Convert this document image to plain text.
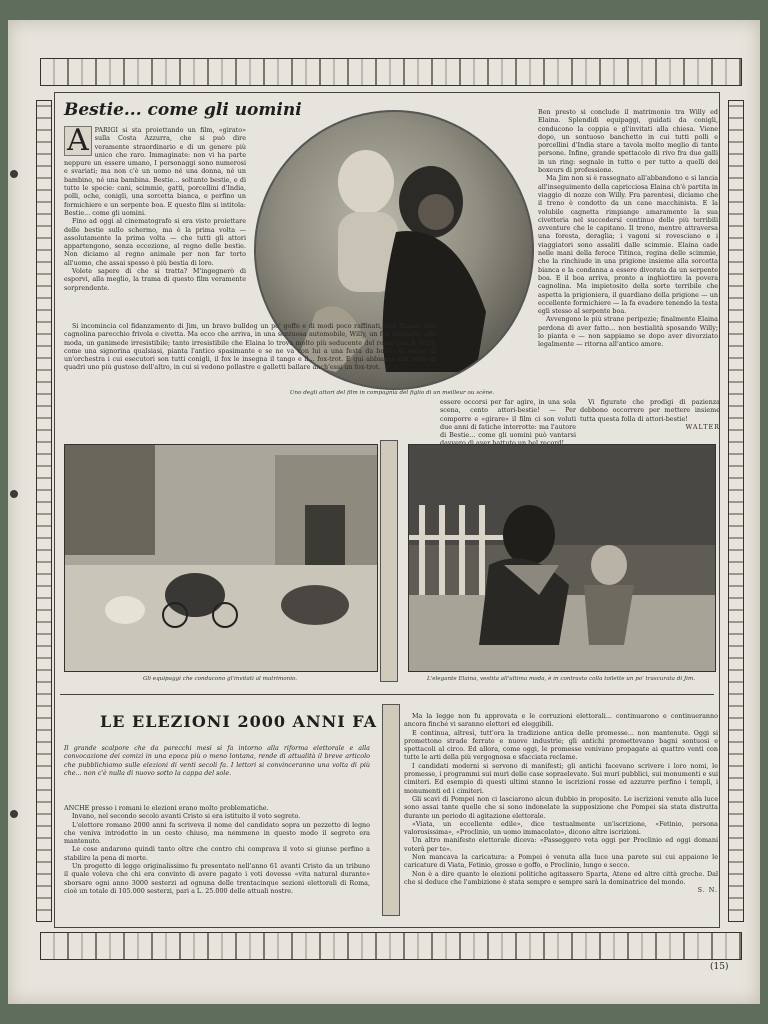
Bestie... come gli uomini
A PARIGI si sta proiettando un film, «girato» sulla Costa Azzurra, che si può dire veramente straordinario e di un genere più unico che raro. Immaginate: non vi ha parte neppure un essere umano, I personaggi sono numerosi e svariati; ma non c'è un uomo né una donna, né un bambino, né una bambina. Bestie... soltanto bestie, e di tutte le specie: cani, scimmie, gatti, porcellini d'India, polli, oche, conigli, una sorcetta bianca, e perfino un formichiere e un serpente boa. E questo film si intitola: Bestie... come gli uomini.

Fino ad oggi al cinematografo si era visto proiettare delle bestie sullo schermo, ma è la prima volta — assolutamente la prima volta — che tutti gli attori appartengono, senza eccezione, al regno delle bestie. Non diciamo al regno animale per non far torto all'uomo, che assai spesso è più bestia di loro.

Volete sapere di che si tratta? M'ingegnerò di esporvi, alla meglio, la trama di questo film veramente sorprendente.

Uno degli attori del film in compagnia del figlio di un meilleur ou scène.

Ben presto si conclude il matrimonio tra Willy ed Elaina. Splendidi equipaggi, guidati da conigli, conducono la coppia e gl'invitati alla chiesa. Viene dopo, un sontuoso banchetto in cui tutti polli e porcellini d'India stare a tavola molto meglio di tante persone. Infine, grande spettacolo di rivo fra due galli in un ring: segnale in tutto e per tutto a quelli dei boxeurs di professione.

Ma Jim non si è rassegnato all'abbandono e si lancia all'inseguimento della capricciosa Elaina ch'è partita in viaggio di nozze con Willy. Fra parentesi, diciamo che il treno è condotto da un cane macchinista. E la volubile cagnetta rimpiange amaramente la sua civetteria nel succedersi continuo delle più terribili avventure che le capitano. Il treno, mentre attraversa una foresta, deraglia; i vagoni si rovesciano e i viaggiatori sono assaliti dalle scimmie. Elaina cade nelle mani della feroce Titinca, regina delle scimmie, che la rinchiude in una prigione insieme alla sorcetta bianca e la condanna a essere divorata da un serpente boa. E il boa arriva, pronto a inghiottire la povera cagnolina. Ma impietosito della sorte terribile che aspetta la prigioniera, il guardiano della prigione — un eccellente formichiere — la fa evadere tenendo la testa egli stesso al serpente boa.

Avvengono le più strane peripezie; finalmente Elaina perdona di aver fatto... non bestialità sposando Willy; lo pianta e — non sappiamo se dopo aver divorziato legalmente — ritorna all'antico amore.

Si incomincia col fidanzamento di Jim, un bravo bulldog un po' goffo e di modi poco raffinati, con Elaina, una cagnolina parecchio frivola e civetta. Ma ecco che arriva, in una sontuosa automobile, Willy, un fox elegante, alla moda, un ganimede irresistibile; tanto irresistibile che Elaina lo trova molto più seducente del rozzo Jim. E Willy, come una signorina qualsiasi, pianta l'antico spasimante e se ne va con lui a una festa da ballo. Al suono di un'orchestra i cui esecutori son tutti conigli, il fox le insegna il tango e il... fox-trot. E qui abbiamo una serie di quadri uno più gustoso dell'altro, in cui si vedono pollastre e galletti ballare anch'essi un fox-trot.

essere occorsi per far agire, in una sola scena, cento attori-bestie! — Per comporre e «girare» il film ci son voluti due anni di fatiche interrotte: ma l'autore di Bestie... come gli uomini può vantarsi

Vi figurate che prodigi di pazienza debbono occorrere per mettere insieme tutta questa folla di attori-bestie!

WALTER

Gli equipaggi che conducono gl'invitati al matrimonio.	L'elegante Elaina, vestita all'ultima moda, è in contrasto colla toilette un po' trascurata di Jim.

LE ELEZIONI 2000 ANNI FA

Il grande scalpore che da parecchi mesi si fa intorno alla riforma elettorale e alla convocazione dei comizi in una epoca più o meno lontana, rende di attualità il breve articolo che pubblichiamo sulle elezioni di venti secoli fa. I lettori si convinceranno una volta di più che... non c'è nulla di nuovo sotto la cappa del sole.

ANCHE presso i romani le elezioni erano molto problematiche.

Invano, nel secondo secolo avanti Cristo si era istituito il voto segreto.

L'elettore romano 2000 anni fa scriveva il nome del candidato sopra un pezzetto di legno che veniva introdotto in un cesto chiuso, ma nemmeno in questo modo il segreto era mantenuto.

Le cose andarono quindi tanto oltre che contro chi comprava il voto si giunse perfino a stabilire la pena di morte.

Un progetto di legge originalissimo fu presentato nell'anno 61 avanti Cristo da un tribuno il quale voleva che chi era convinto di avere pagato i voti dovesse «vita natural durante» sborsare ogni anno 3000 sesterzi ad ognuna delle trentacinque sezioni elettorali di Roma, cioè un totale di 105.000 sesterzi, pari a L. 25.000 delle attuali nostre.

Ma la legge non fu approvata e le corruzioni elettorali... continuarono e continueranno ancora finché vi saranno elettori ed eleggibili.

E continua, altresì, tutt'ora la tradizione antica delle promesse... non mantenute. Oggi si promettono strade ferrate e nuove industrie; gli antichi promettevano bagni sontuosi e spettacoli al circo. Ed allora, come oggi, le promesse venivano propagate ai quattro venti con tutte le arti della più vergognosa e sfacciata reclame.

I candidati moderni si servono di manifesti; gli antichi facevano scrivere i loro nomi, le promesse, i programmi sui muri delle case sopraelevate. Sui muri pubblici, sui monumenti e sui cimiteri. Ed esempio di questi ultimi stanno le iscrizioni rosse ed azzurre perfino i templi, i monumenti ed i cimiteri.

Gli scavi di Pompei non ci lasciarono alcun dubbio in proposito. Le iscrizioni venute alla luce sono assai tante quelle che si sono indonelate la supposizione che Pompei sia stata distrutta durante un periodo di agitazione elettorale.

«Viata, un eccellente edile», dice testualmente un'iscrizione, «Fetinio, persona valorosissima», «Proclinio, un uomo immacolato», dicono altre iscrizioni.

Un altro manifesto elettorale diceva: «Passeggero vota oggi per Proclinio ed oggi domani voterà per te».

Non mancava la caricatura: a Pompei è venuta alla luce una parete sui cui appaiono le caricature di Viata, Fetinio, grosso e goffo, e Proclinio, lungo e secco.

Non è a dire quanto le elezioni politiche agitassero Sparta, Atene ed altre città greche. Dal che si deduce che l'ambizione è stata sempre e sempre sarà la dominatrice del mondo.

S. N.

(15)
